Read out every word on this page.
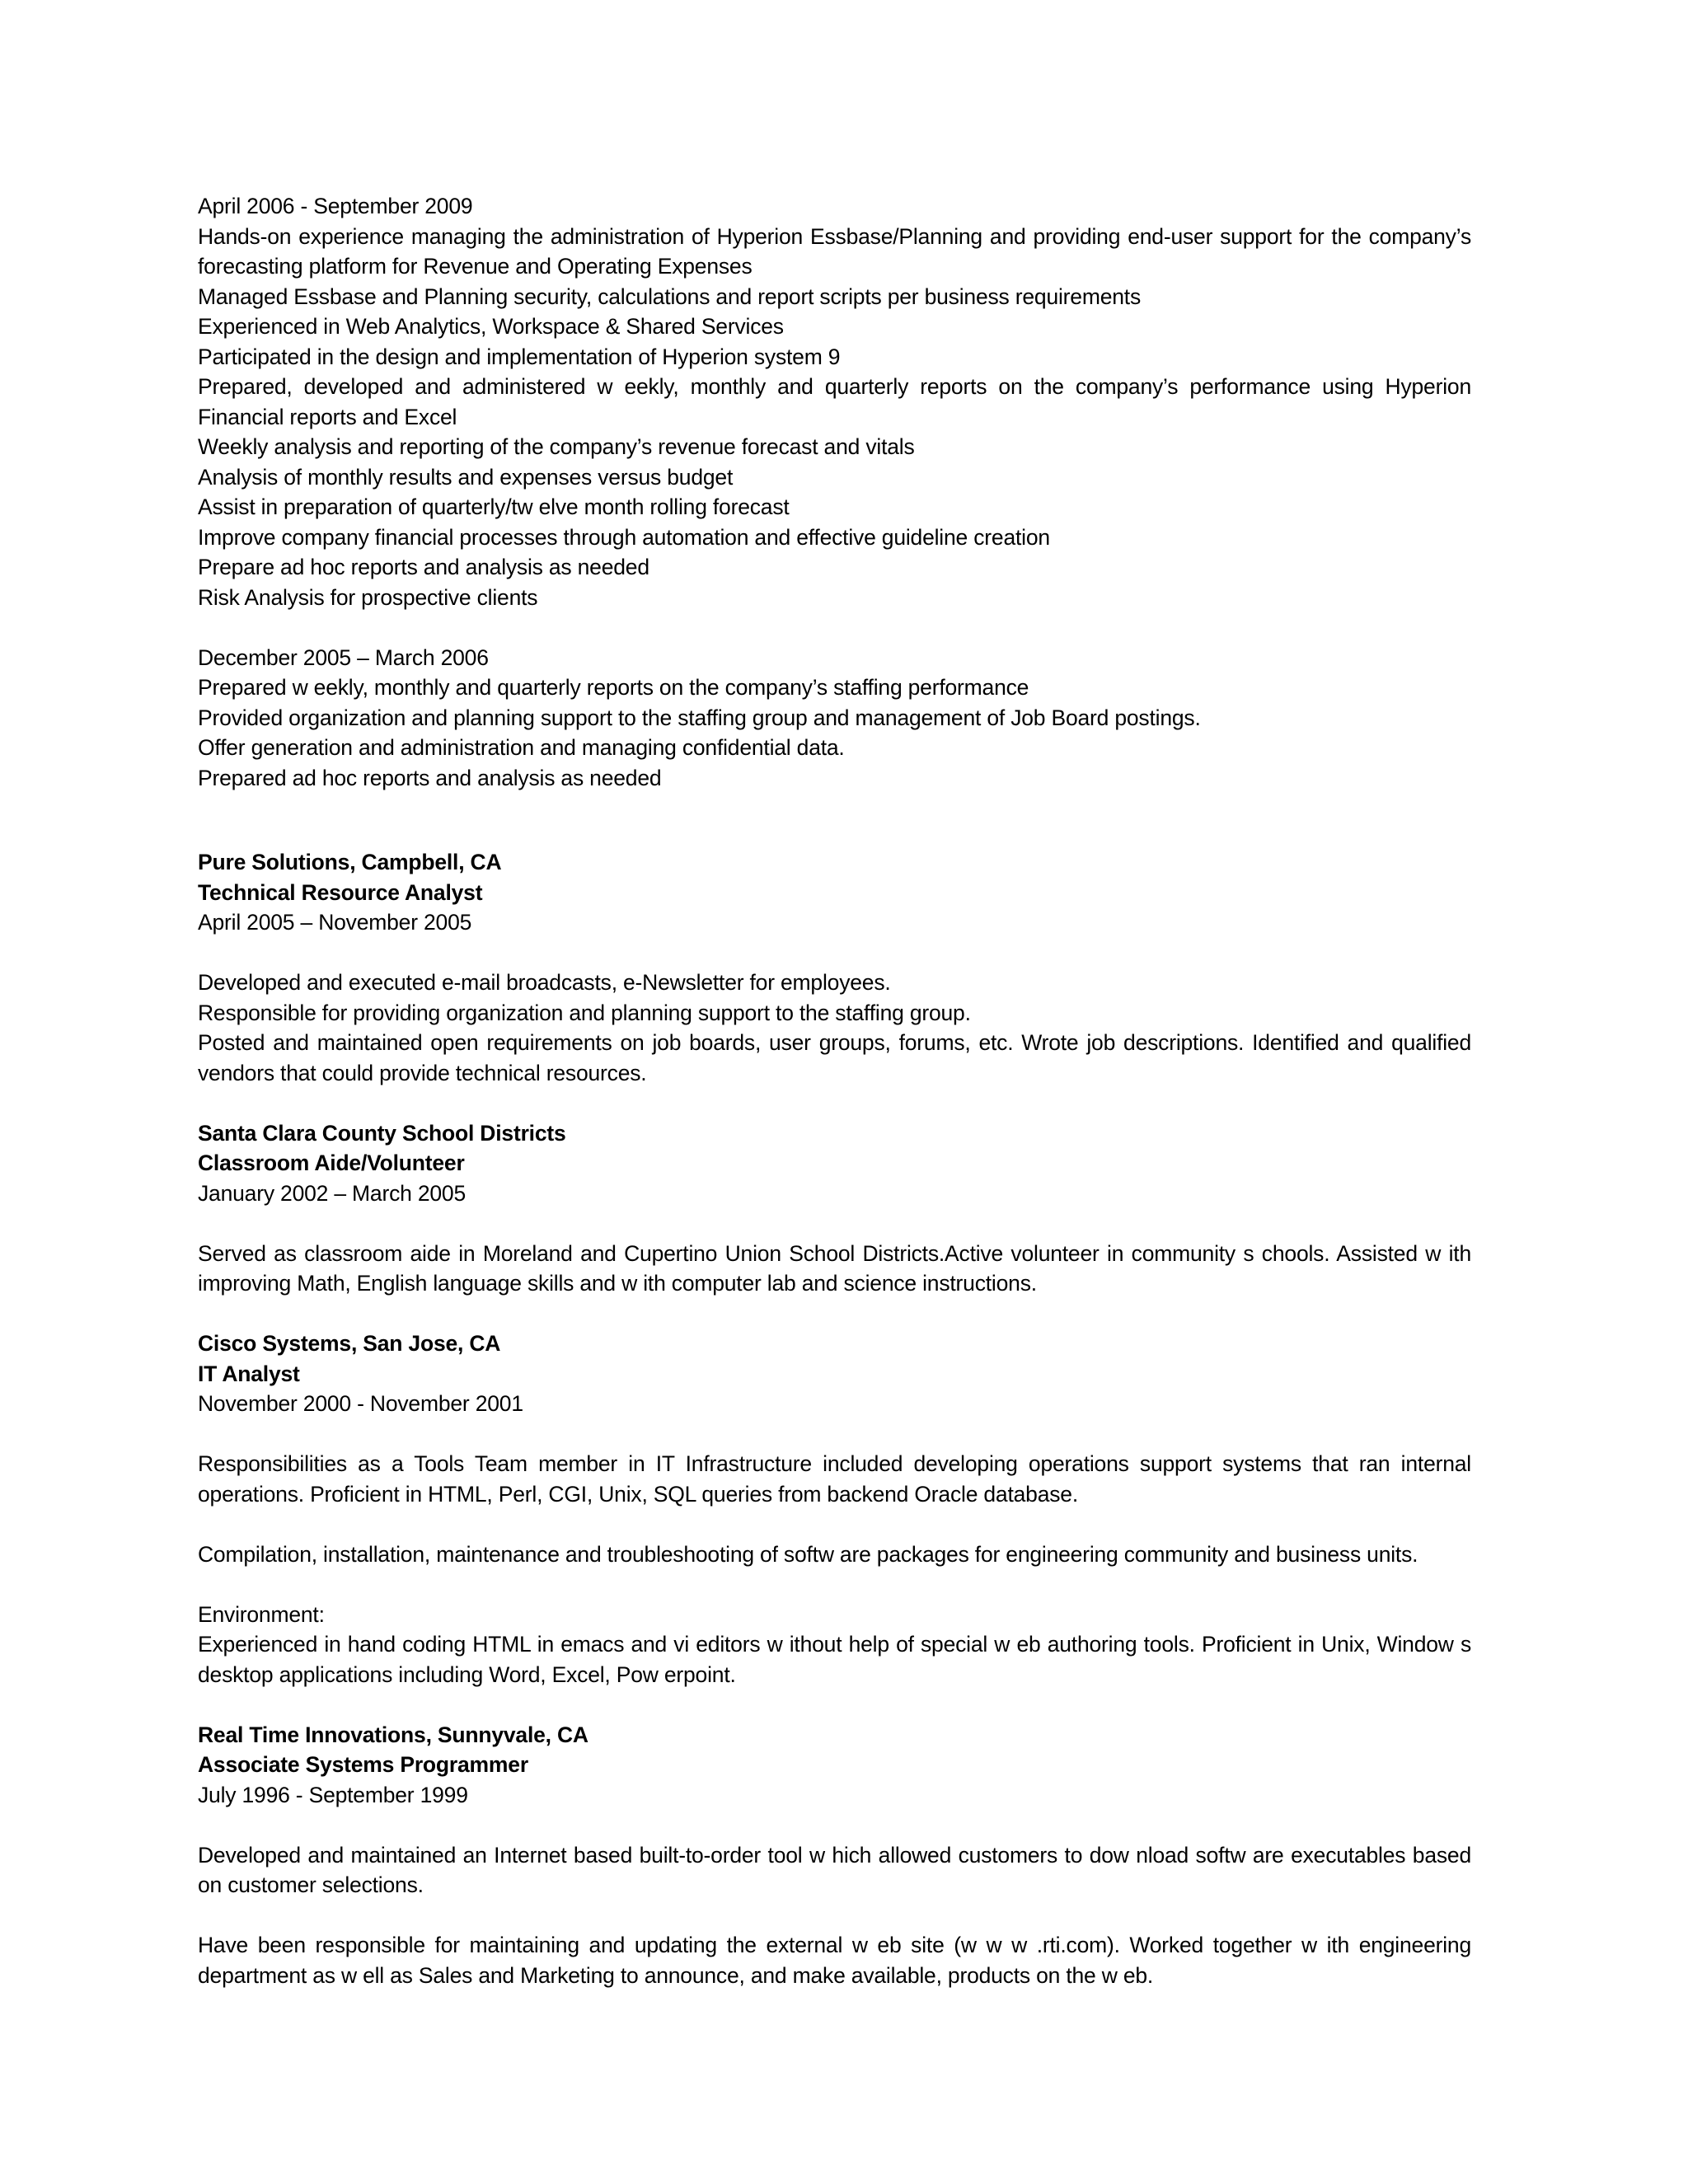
April 2006 - September 2009
Hands-on experience managing the administration of Hyperion Essbase/Planning and providing end-user support for the company’s forecasting platform for Revenue and Operating Expenses
Managed Essbase and Planning security, calculations and report scripts per business requirements
Experienced in Web Analytics, Workspace & Shared Services
Participated in the design and implementation of Hyperion system 9
Prepared, developed and administered w eekly, monthly and quarterly reports on the company’s performance using Hyperion Financial reports and Excel
Weekly analysis and reporting of the company’s revenue forecast and vitals
Analysis of monthly results and expenses versus budget
Assist in preparation of quarterly/tw elve month rolling forecast
Improve company financial processes through automation and effective guideline creation
Prepare ad hoc reports and analysis as needed
Risk Analysis for prospective clients
December 2005 – March 2006
Prepared w eekly, monthly and quarterly reports on the company’s staffing performance
Provided organization and planning support to the staffing group and management of Job Board postings.
Offer generation and administration and managing confidential data.
Prepared ad hoc reports and analysis as needed
Pure Solutions, Campbell, CA
Technical Resource Analyst
April 2005 – November 2005
Developed and executed e-mail broadcasts, e-Newsletter for employees.
Responsible for providing organization and planning support to the staffing group.
Posted and maintained open requirements on job boards, user groups, forums, etc. Wrote job descriptions. Identified and qualified vendors that could provide technical resources.
Santa Clara County School Districts
Classroom Aide/Volunteer
January 2002 – March 2005
Served as classroom aide in Moreland and Cupertino Union School Districts.Active volunteer in community s chools. Assisted w ith improving Math, English language skills and w ith computer lab and science instructions.
Cisco Systems, San Jose, CA
IT Analyst
November 2000 - November 2001
Responsibilities as a Tools Team member in IT Infrastructure included developing operations support systems that ran internal operations. Proficient in HTML, Perl, CGI, Unix, SQL queries from backend Oracle database.
Compilation, installation, maintenance and troubleshooting of softw are packages for engineering community and business units.
Environment:
Experienced in hand coding HTML in emacs and vi editors w ithout help of special w eb authoring tools. Proficient in Unix, Window s desktop applications including Word, Excel, Pow erpoint.
Real Time Innovations, Sunnyvale, CA
Associate Systems Programmer
July 1996 - September 1999
Developed and maintained an Internet based built-to-order tool w hich allowed customers to dow nload softw are executables based on customer selections.
Have been responsible for maintaining and updating the external w eb site (w w w .rti.com). Worked together w ith engineering department as w ell as Sales and Marketing to announce, and make available, products on the w eb.
